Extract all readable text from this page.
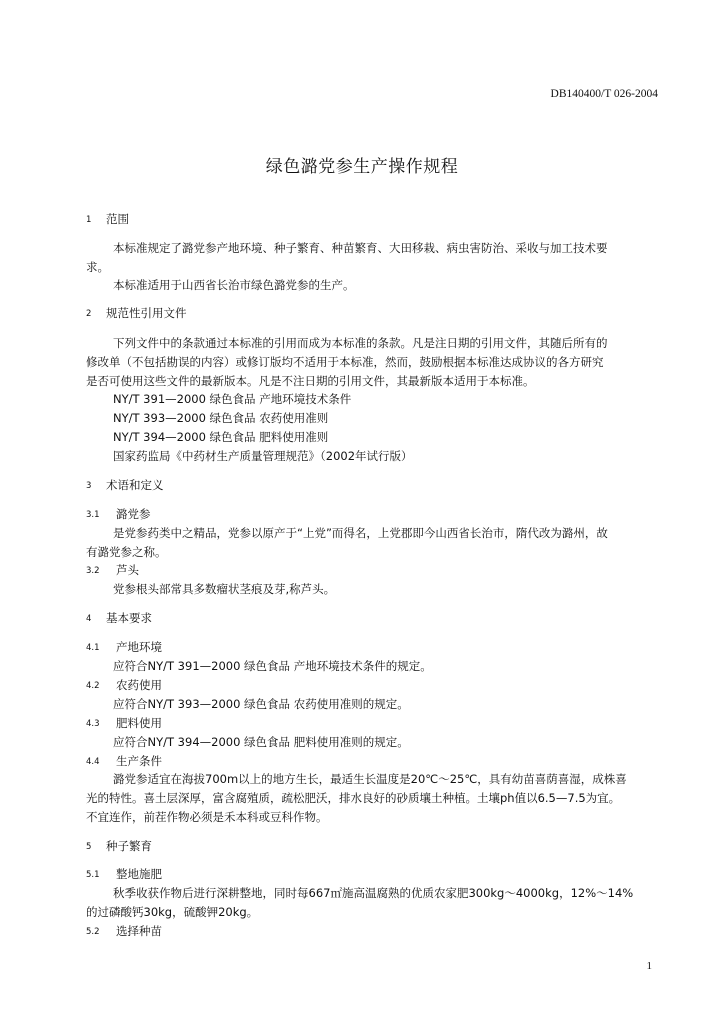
DB140400/T 026-2004
绿色潞党参生产操作规程
1 范围
本标准规定了潞党参产地环境、种子繁育、种苗繁育、大田移栽、病虫害防治、采收与加工技术要
求。
本标准适用于山西省长治市绿色潞党参的生产。
2 规范性引用文件
下列文件中的条款通过本标准的引用而成为本标准的条款。凡是注日期的引用文件，其随后所有的
修改单（不包括勘误的内容）或修订版均不适用于本标准，然而，鼓励根据本标准达成协议的各方研究
是否可使用这些文件的最新版本。凡是不注日期的引用文件，其最新版本适用于本标准。
NY/T 391—2000 绿色食品 产地环境技术条件
NY/T 393—2000 绿色食品 农药使用准则
NY/T 394—2000 绿色食品 肥料使用准则
国家药监局《中药材生产质量管理规范》（2002年试行版）
3 术语和定义
3.1 潞党参
是党参药类中之精品，党参以原产于“上党”而得名，上党郡即今山西省长治市，隋代改为潞州，故
有潞党参之称。
3.2 芦头
党参根头部常具多数瘤状茎痕及芽,称芦头。
4 基本要求
4.1 产地环境
应符合NY/T 391—2000 绿色食品 产地环境技术条件的规定。
4.2 农药使用
应符合NY/T 393—2000 绿色食品 农药使用准则的规定。
4.3 肥料使用
应符合NY/T 394—2000 绿色食品 肥料使用准则的规定。
4.4 生产条件
潞党参适宜在海拔700m以上的地方生长，最适生长温度是20℃～25℃，具有幼苗喜荫喜湿，成株喜
光的特性。喜土层深厚，富含腐殖质，疏松肥沃，排水良好的砂质壤土种植。土壤ph值以6.5—7.5为宜。
不宜连作，前茬作物必须是禾本科或豆科作物。
5 种子繁育
5.1 整地施肥
秋季收获作物后进行深耕整地，同时每667㎡施高温腐熟的优质农家肥300kg～4000kg，12%～14%
的过磷酸钙30kg，硫酸钾20kg。
5.2 选择种苗
1
